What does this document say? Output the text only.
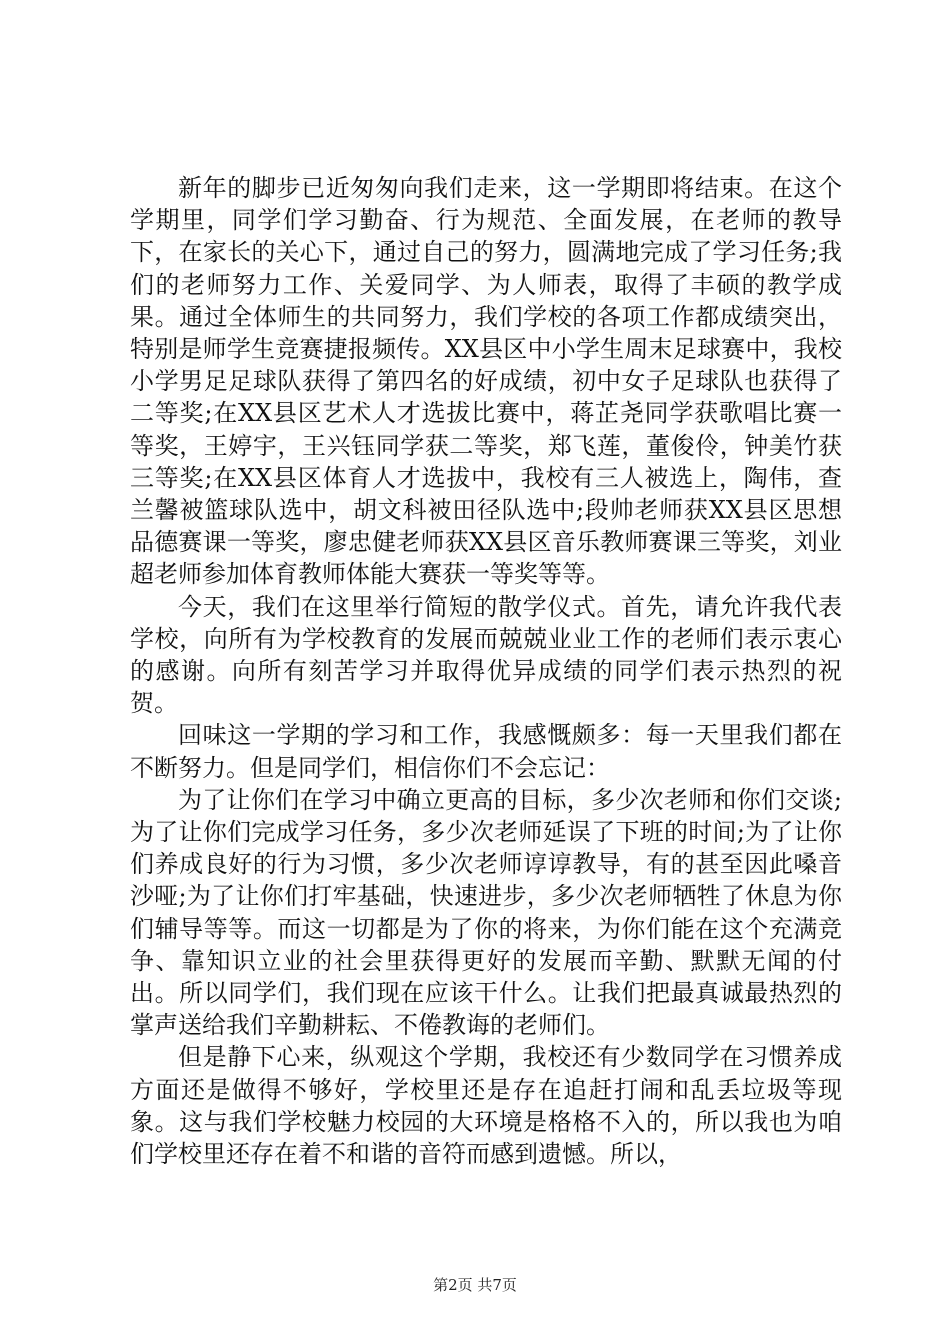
新年的脚步已近匆匆向我们走来，这一学期即将结束。在这个学期里，同学们学习勤奋、行为规范、全面发展，在老师的教导下，在家长的关心下，通过自己的努力，圆满地完成了学习任务;我们的老师努力工作、关爱同学、为人师表，取得了丰硕的教学成果。通过全体师生的共同努力，我们学校的各项工作都成绩突出，特别是师学生竞赛捷报频传。XX县区中小学生周末足球赛中，我校小学男足足球队获得了第四名的好成绩，初中女子足球队也获得了二等奖;在XX县区艺术人才选拔比赛中，蒋芷尧同学获歌唱比赛一等奖，王婷宇，王兴钰同学获二等奖，郑飞莲，董俊伶，钟美竹获三等奖;在XX县区体育人才选拔中，我校有三人被选上，陶伟，查兰馨被篮球队选中，胡文科被田径队选中;段帅老师获XX县区思想品德赛课一等奖，廖忠健老师获XX县区音乐教师赛课三等奖，刘业超老师参加体育教师体能大赛获一等奖等等。

今天，我们在这里举行简短的散学仪式。首先，请允许我代表学校，向所有为学校教育的发展而兢兢业业工作的老师们表示衷心的感谢。向所有刻苦学习并取得优异成绩的同学们表示热烈的祝贺。

回味这一学期的学习和工作，我感慨颇多：每一天里我们都在不断努力。但是同学们，相信你们不会忘记：

为了让你们在学习中确立更高的目标，多少次老师和你们交谈;为了让你们完成学习任务，多少次老师延误了下班的时间;为了让你们养成良好的行为习惯，多少次老师谆谆教导，有的甚至因此嗓音沙哑;为了让你们打牢基础，快速进步，多少次老师牺牲了休息为你们辅导等等。而这一切都是为了你的将来，为你们能在这个充满竞争、靠知识立业的社会里获得更好的发展而辛勤、默默无闻的付出。所以同学们，我们现在应该干什么。让我们把最真诚最热烈的掌声送给我们辛勤耕耘、不倦教诲的老师们。

但是静下心来，纵观这个学期，我校还有少数同学在习惯养成方面还是做得不够好，学校里还是存在追赶打闹和乱丢垃圾等现象。这与我们学校魅力校园的大环境是格格不入的，所以我也为咱们学校里还存在着不和谐的音符而感到遗憾。所以，

第2页 共7页
